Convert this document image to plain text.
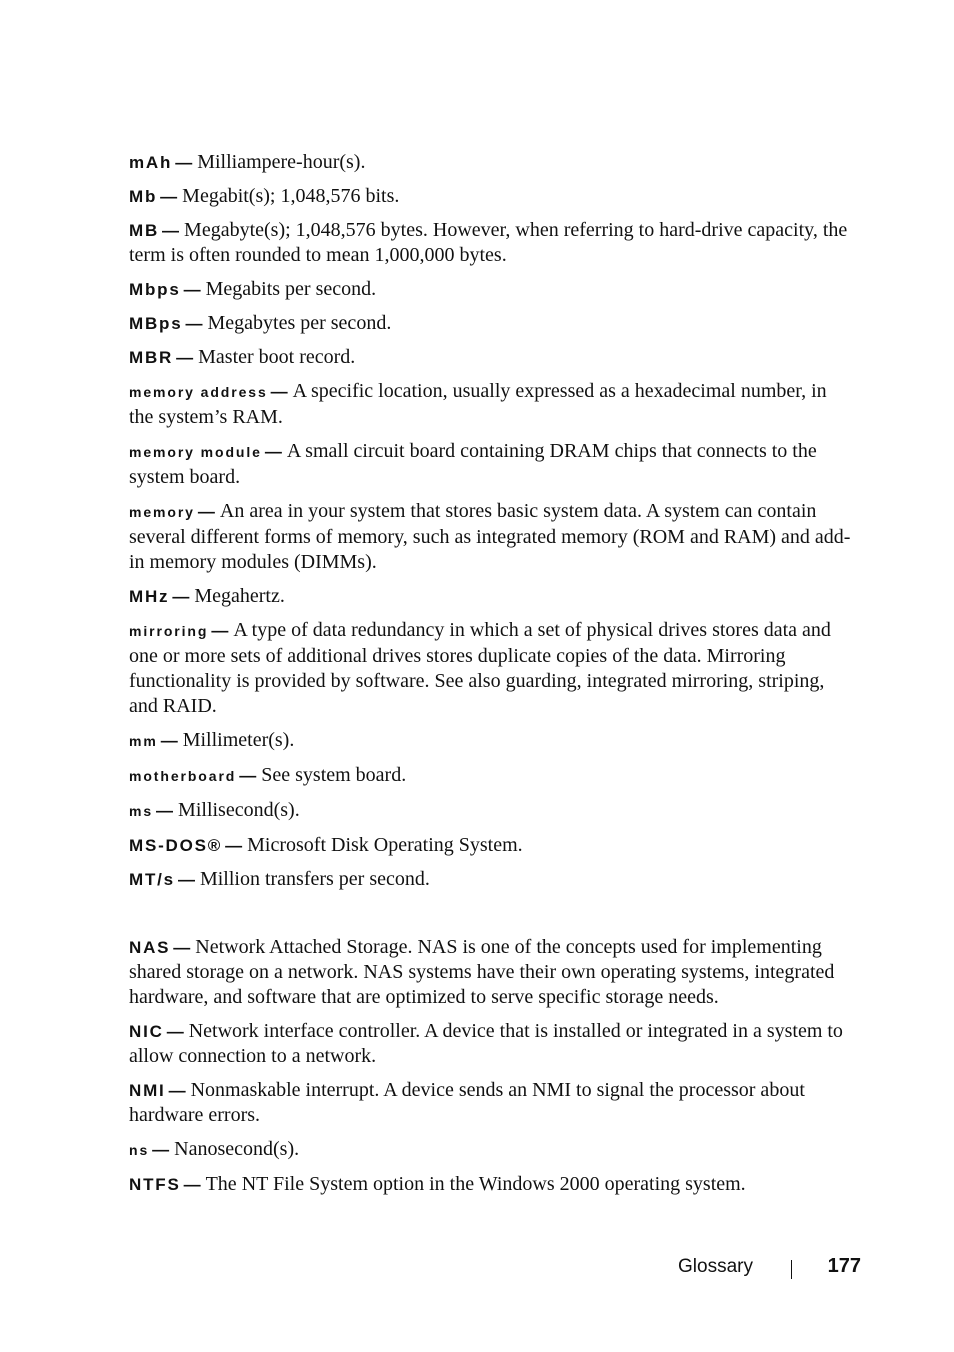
mAh — Milliampere-hour(s).

Mb — Megabit(s); 1,048,576 bits.

MB — Megabyte(s); 1,048,576 bytes. However, when referring to hard-drive capacity, the term is often rounded to mean 1,000,000 bytes.

Mbps — Megabits per second.

MBps — Megabytes per second.

MBR — Master boot record.

memory address — A specific location, usually expressed as a hexadecimal number, in the system’s RAM.

memory module — A small circuit board containing DRAM chips that connects to the system board.

memory — An area in your system that stores basic system data. A system can contain several different forms of memory, such as integrated memory (ROM and RAM) and add-in memory modules (DIMMs).

MHz — Megahertz.

mirroring — A type of data redundancy in which a set of physical drives stores data and one or more sets of additional drives stores duplicate copies of the data. Mirroring functionality is provided by software. See also guarding, integrated mirroring, striping, and RAID.

mm — Millimeter(s).

motherboard — See system board.

ms — Millisecond(s).

MS-DOS® — Microsoft Disk Operating System.

MT/s — Million transfers per second.

NAS — Network Attached Storage. NAS is one of the concepts used for implementing shared storage on a network. NAS systems have their own operating systems, integrated hardware, and software that are optimized to serve specific storage needs.

NIC — Network interface controller. A device that is installed or integrated in a system to allow connection to a network.

NMI — Nonmaskable interrupt. A device sends an NMI to signal the processor about hardware errors.

ns — Nanosecond(s).

NTFS — The NT File System option in the Windows 2000 operating system.

Glossary	177
